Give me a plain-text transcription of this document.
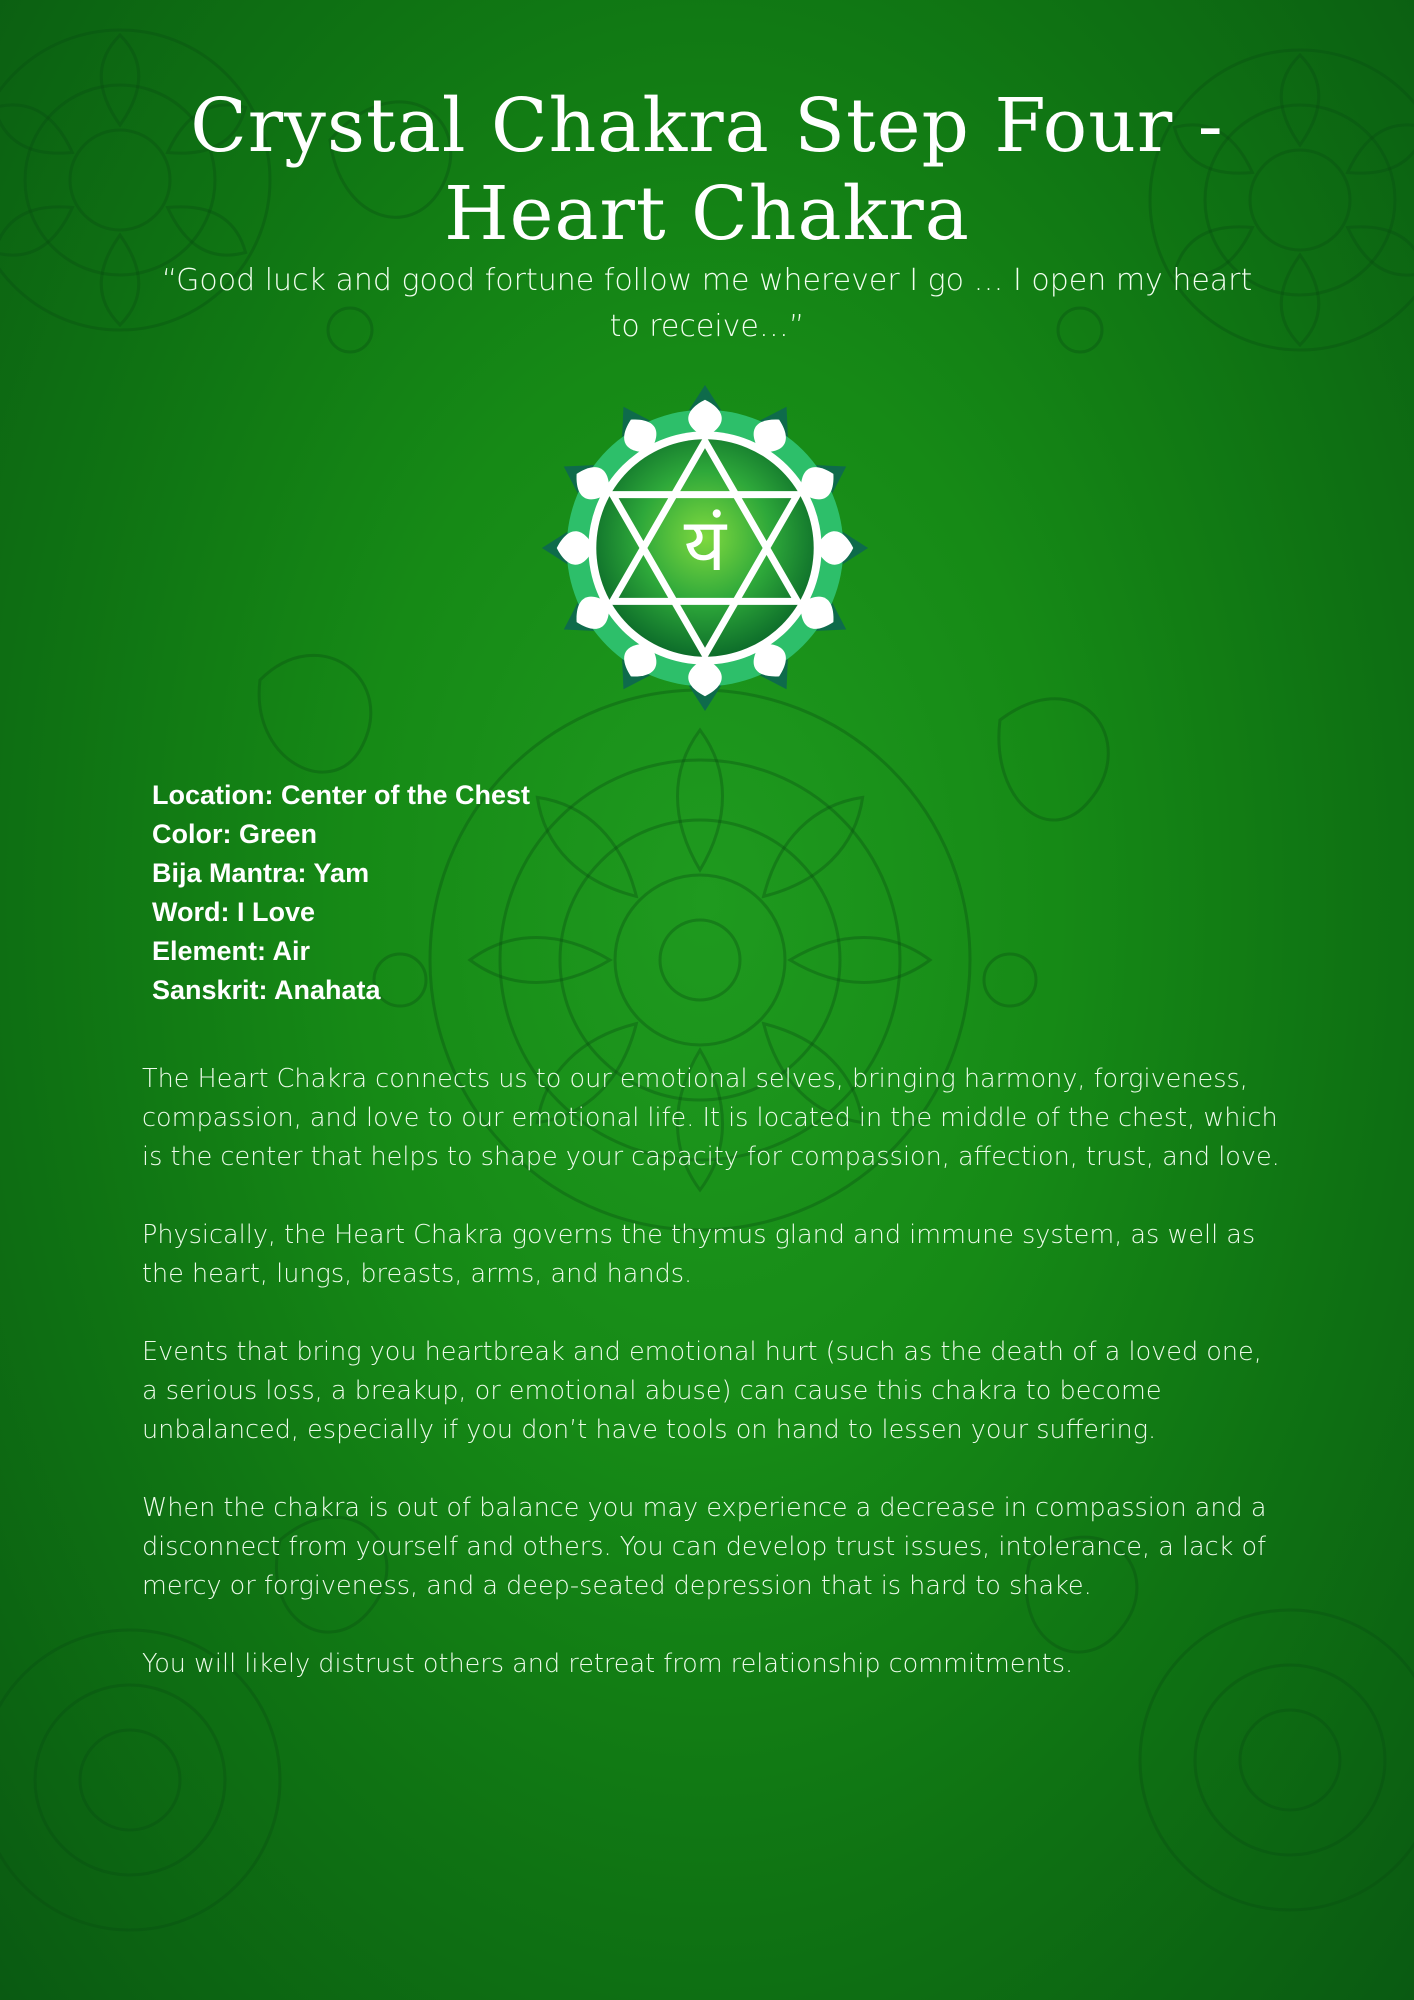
Crystal Chakra Step Four - Heart Chakra

“Good luck and good fortune follow me wherever I go … I open my heart to receive…”

यं
Location: Center of the Chest
Color: Green
Bija Mantra: Yam
Word: I Love
Element: Air
Sanskrit: Anahata

The Heart Chakra connects us to our emotional selves, bringing harmony, forgiveness, compassion, and love to our emotional life. It is located in the middle of the chest, which is the center that helps to shape your capacity for compassion, affection, trust, and love.

Physically, the Heart Chakra governs the thymus gland and immune system, as well as the heart, lungs, breasts, arms, and hands.

Events that bring you heartbreak and emotional hurt (such as the death of a loved one, a serious loss, a breakup, or emotional abuse) can cause this chakra to become unbalanced, especially if you don’t have tools on hand to lessen your suffering.

When the chakra is out of balance you may experience a decrease in compassion and a disconnect from yourself and others. You can develop trust issues, intolerance, a lack of mercy or forgiveness, and a deep-seated depression that is hard to shake.

You will likely distrust others and retreat from relationship commitments.
